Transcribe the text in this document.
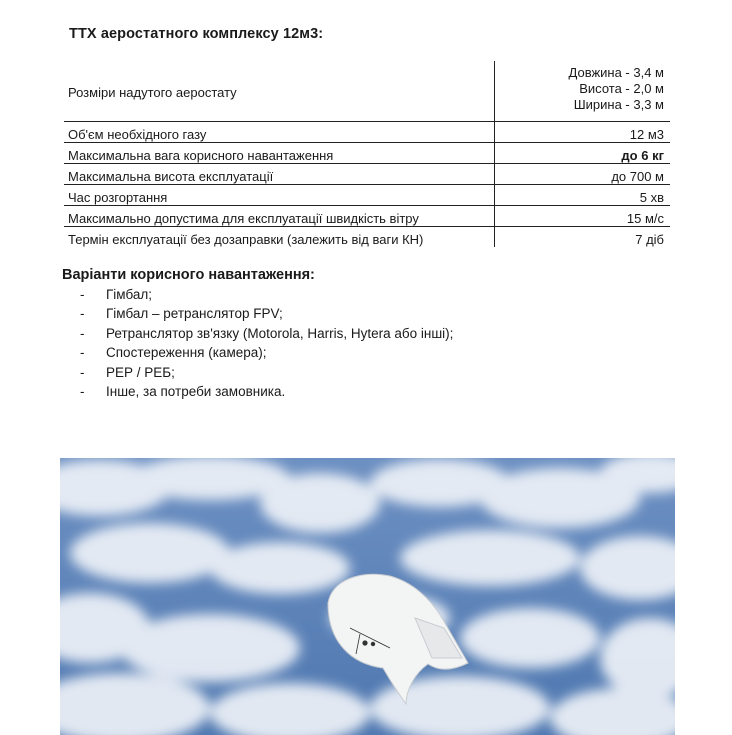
ТТХ аеростатного комплексу 12м3:
Розміри надутого аеростату	Довжина - 3,4 м
Висота - 2,0 м
Ширина - 3,3 м

Об'єм необхідного газу	12 м3
Максимальна вага корисного навантаження	до 6 кг
Максимальна висота експлуатації	до 700 м
Час розгортання	5 хв
Максимально допустима для експлуатації швидкість вітру	15 м/с
Термін експлуатації без дозаправки (залежить від ваги КН)	7 діб
Варіанти корисного навантаження:
- Гімбал;
- Гімбал – ретранслятор FPV;
- Ретранслятор зв'язку (Motorola, Harris, Hytera або інші);
- Спостереження (камера);
- РЕР / РЕБ;
- Інше, за потреби замовника.
